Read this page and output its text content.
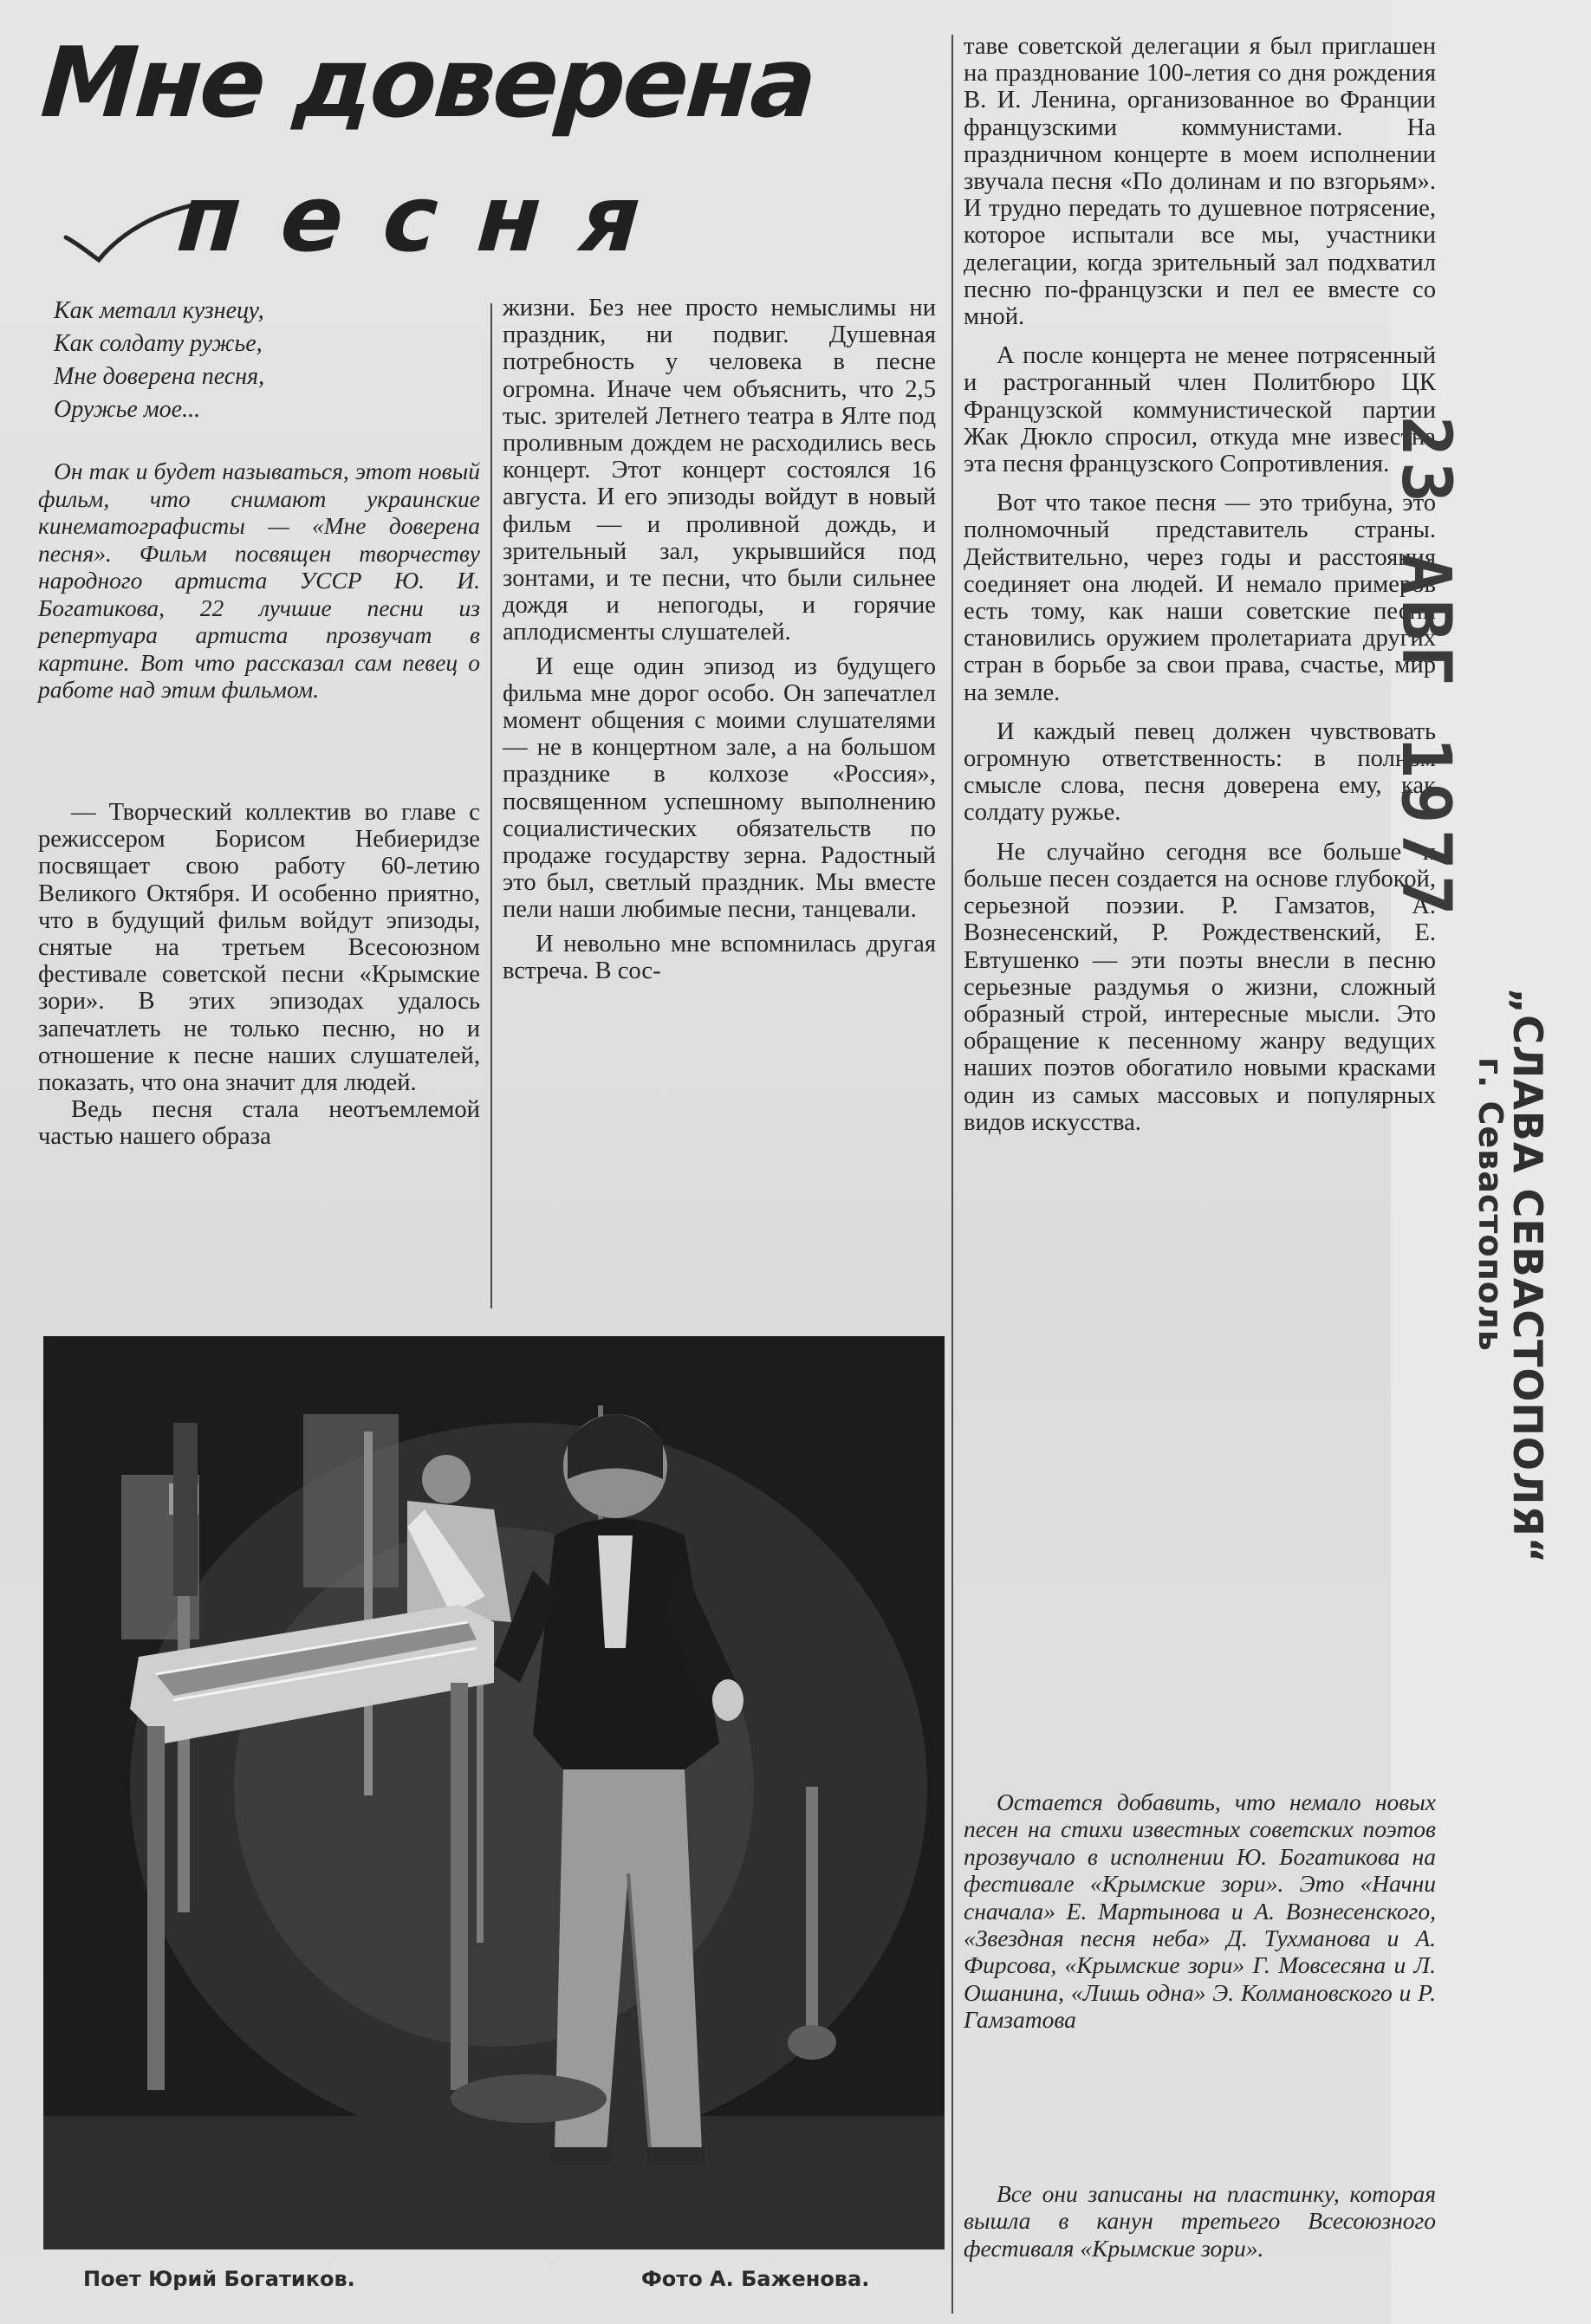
Мне доверена
песня
Как металл кузнецу,
Как солдату ружье,
Мне доверена песня,
Оружье мое...

Он так и будет называться, этот новый фильм, что снимают украинские кинематографисты — «Мне доверена песня». Фильм посвящен творчеству народного артиста УССР Ю. И. Богатикова, 22 лучшие песни из репертуара артиста прозвучат в картине. Вот что рассказал сам певец о работе над этим фильмом.

— Творческий коллектив во главе с режиссером Борисом Небиеридзе посвящает свою работу 60-летию Великого Октября. И особенно приятно, что в будущий фильм войдут эпизоды, снятые на третьем Всесоюзном фестивале советской песни «Крымские зори». В этих эпизодах удалось запечатлеть не только песню, но и отношение к песне наших слушателей, показать, что она значит для людей.

Ведь песня стала неотъемлемой частью нашего образа

жизни. Без нее просто немыслимы ни праздник, ни подвиг. Душевная потребность у человека в песне огромна. Иначе чем объяснить, что 2,5 тыс. зрителей Летнего театра в Ялте под проливным дождем не расходились весь концерт. Этот концерт состоялся 16 августа. И его эпизоды войдут в новый фильм — и проливной дождь, и зрительный зал, укрывшийся под зонтами, и те песни, что были сильнее дождя и непогоды, и горячие аплодисменты слушателей.

И еще один эпизод из будущего фильма мне дорог особо. Он запечатлел момент общения с моими слушателями — не в концертном зале, а на большом празднике в колхозе «Россия», посвященном успешному выполнению социалистических обязательств по продаже государству зерна. Радостный это был, светлый праздник. Мы вместе пели наши любимые песни, танцевали.

И невольно мне вспомнилась другая встреча. В сос-

таве советской делегации я был приглашен на празднование 100-летия со дня рождения В. И. Ленина, организованное во Франции французскими коммунистами. На праздничном концерте в моем исполнении звучала песня «По долинам и по взгорьям». И трудно передать то душевное потрясение, которое испытали все мы, участники делегации, когда зрительный зал подхватил песню по-французски и пел ее вместе со мной.

А после концерта не менее потрясенный и растроганный член Политбюро ЦК Французской коммунистической партии Жак Дюкло спросил, откуда мне известна эта песня французского Сопротивления.

Вот что такое песня — это трибуна, это полномочный представитель страны. Действительно, через годы и расстояния соединяет она людей. И немало примеров есть тому, как наши советские песни становились оружием пролетариата других стран в борьбе за свои права, счастье, мир на земле.

И каждый певец должен чувствовать огромную ответственность: в полном смысле слова, песня доверена ему, как солдату ружье.

Не случайно сегодня все больше и больше песен создается на основе глубокой, серьезной поэзии. Р. Гамзатов, А. Вознесенский, Р. Рождественский, Е. Евтушенко — эти поэты внесли в песню серьезные раздумья о жизни, сложный образный строй, интересные мысли. Это обращение к песенному жанру ведущих наших поэтов обогатило новыми красками один из самых массовых и популярных видов искусства.

Остается добавить, что немало новых песен на стихи известных советских поэтов прозвучало в исполнении Ю. Богатикова на фестивале «Крымские зори». Это «Начни сначала» Е. Мартынова и А. Вознесенского, «Звездная песня неба» Д. Тухманова и А. Фирсова, «Крымские зори» Г. Мовсесяна и Л. Ошанина, «Лишь одна» Э. Колмановского и Р. Гамзатова

Все они записаны на пластинку, которая вышла в канун третьего Всесоюзного фестиваля «Крымские зори».

Поет Юрий Богатиков.	Фото А. Баженова.
23 АВГ 1977
„СЛАВА СЕВАСТОПОЛЯ“
г. Севастополь
